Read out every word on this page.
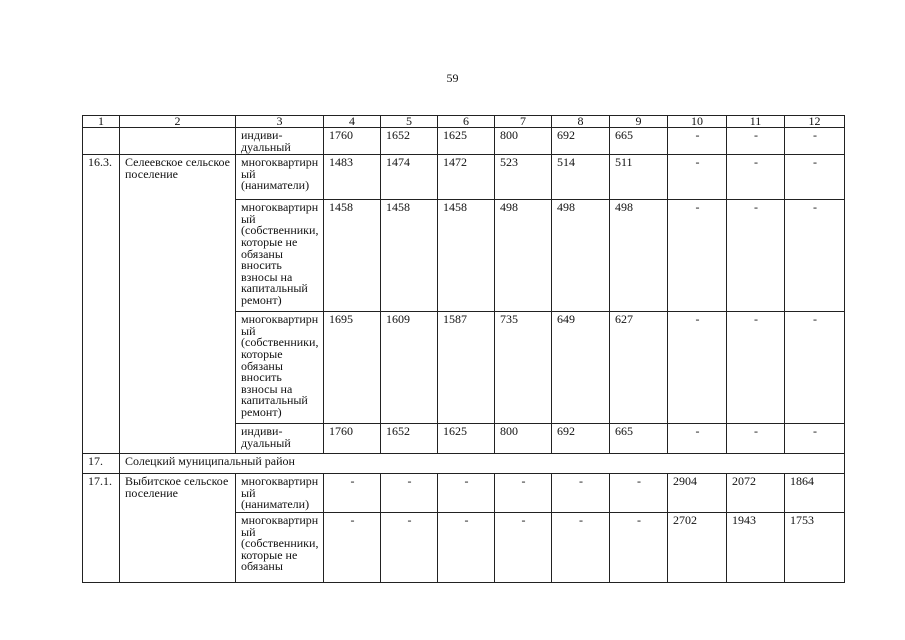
59
1	2	3	4	5	6	7	8	9	10	11	12
		индиви-дуальный	1760	1652	1625	800	692	665	-	-	-
16.3.	Селеевское сельское поселение	многоквартирный (наниматели)	1483	1474	1472	523	514	511	-	-	-
		многоквартирный (собственники, которые не обязаны вносить взносы на капитальный ремонт)	1458	1458	1458	498	498	498	-	-	-
		многоквартирный (собственники, которые обязаны вносить взносы на капитальный ремонт)	1695	1609	1587	735	649	627	-	-	-
		индиви-дуальный	1760	1652	1625	800	692	665	-	-	-
17.	Солецкий муниципальный район										
17.1.	Выбитское сельское поселение	многоквартирный (наниматели)	-	-	-	-	-	-	2904	2072	1864
		многоквартирный (собственники, которые не обязаны	-	-	-	-	-	-	2702	1943	1753
